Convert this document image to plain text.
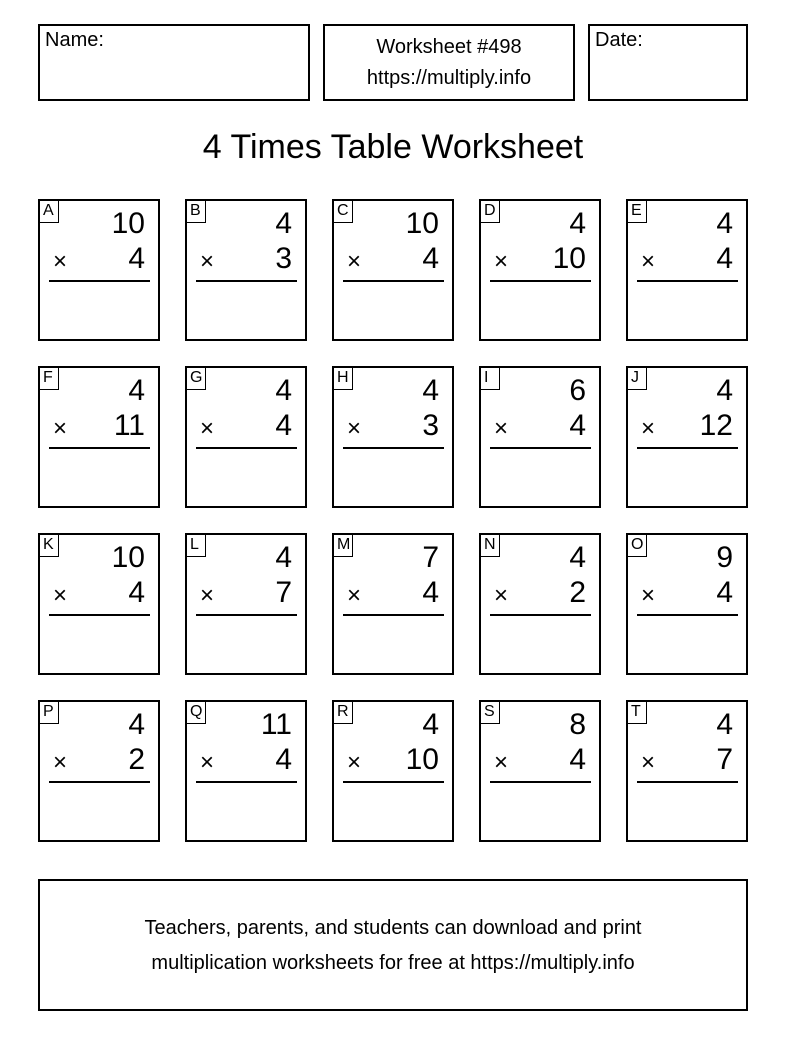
Name:	Worksheet #498
https://multiply.info
Date:
4 Times Table Worksheet
A 10
× 4
B 4
× 3
C 10
× 4
D 4
× 10
E 4
× 4
F	4
× 11
G 4
× 4
H 4
× 3
I	6
× 4
J	4
× 12
K 10
× 4
L	4
× 7
M 7
× 4
N 4
× 2
O 9
× 4
P 4
× 2
Q 11
× 4
R 4
× 10
S 8
× 4
T	4
× 7
Teachers, parents, and students can download and print
multiplication worksheets for free at https://multiply.info
